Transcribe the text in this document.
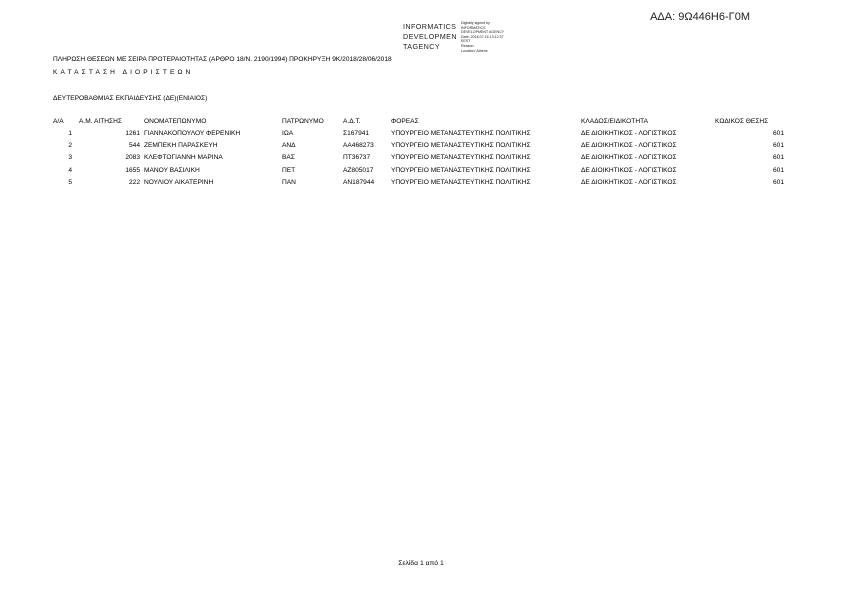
ΑΔΑ: 9Ω446Η6-Γ0Μ
INFORMATICS
DEVELOPMEN
TAGENCY
Digitally signed by
INFORMATICS
DEVELOPMENT AGENCY
Date: 2018.07.16 13:12:37
EEST
Reason:
Location: Athens
ΠΛΗΡΩΣΗ ΘΕΣΕΩΝ ΜΕ ΣΕΙΡΑ ΠΡΟΤΕΡΑΙΟΤΗΤΑΣ (ΑΡΘΡΟ 18/Ν. 2190/1994) ΠΡΟΚΗΡΥΞΗ 9Κ/2018/28/06/2018
ΚΑΤΑΣΤΑΣΗ ΔΙΟΡΙΣΤΕΩΝ
ΔΕΥΤΕΡΟΒΑΘΜΙΑΣ ΕΚΠΑΙΔΕΥΣΗΣ (ΔΕ)(ΕΝΙΑΙΟΣ)
Α/Α Α.Μ. ΑΙΤΗΣΗΣ	ΟΝΟΜΑΤΕΠΩΝΥΜΟ	ΠΑΤΡΩΝΥΜΟ	Α.Δ.Τ.	ΦΟΡΕΑΣ	ΚΛΑΔΟΣ/ΕΙΔΙΚΟΤΗΤΑ	ΚΩΔΙΚΟΣ ΘΕΣΗΣ
1	1261 ΓΙΑΝΝΑΚΟΠΟΥΛΟΥ ΦΕΡΕΝΙΚΗ	ΙΩΑ	Σ167941	ΥΠΟΥΡΓΕΙΟ ΜΕΤΑΝΑΣΤΕΥΤΙΚΗΣ ΠΟΛΙΤΙΚΗΣ	ΔΕ ΔΙΟΙΚΗΤΙΚΟΣ - ΛΟΓΙΣΤΙΚΟΣ	601
2	544 ΖΕΜΠΕΚΗ ΠΑΡΑΣΚΕΥΗ	ΑΝΔ	ΑΑ468273	ΥΠΟΥΡΓΕΙΟ ΜΕΤΑΝΑΣΤΕΥΤΙΚΗΣ ΠΟΛΙΤΙΚΗΣ	ΔΕ ΔΙΟΙΚΗΤΙΚΟΣ - ΛΟΓΙΣΤΙΚΟΣ	601
3	2083 ΚΛΕΦΤΟΓΙΑΝΝΗ ΜΑΡΙΝΑ	ΒΑΣ	ΠΤ36737	ΥΠΟΥΡΓΕΙΟ ΜΕΤΑΝΑΣΤΕΥΤΙΚΗΣ ΠΟΛΙΤΙΚΗΣ	ΔΕ ΔΙΟΙΚΗΤΙΚΟΣ - ΛΟΓΙΣΤΙΚΟΣ	601
4	1655 ΜΑΝΟΥ ΒΑΣΙΛΙΚΗ	ΠΕΤ	ΑΖ805017	ΥΠΟΥΡΓΕΙΟ ΜΕΤΑΝΑΣΤΕΥΤΙΚΗΣ ΠΟΛΙΤΙΚΗΣ	ΔΕ ΔΙΟΙΚΗΤΙΚΟΣ - ΛΟΓΙΣΤΙΚΟΣ	601
5	222 ΝΟΥΛΙΟΥ ΑΙΚΑΤΕΡΙΝΗ	ΠΑΝ	ΑΝ187944	ΥΠΟΥΡΓΕΙΟ ΜΕΤΑΝΑΣΤΕΥΤΙΚΗΣ ΠΟΛΙΤΙΚΗΣ	ΔΕ ΔΙΟΙΚΗΤΙΚΟΣ - ΛΟΓΙΣΤΙΚΟΣ	601
Σελίδα 1 από 1
